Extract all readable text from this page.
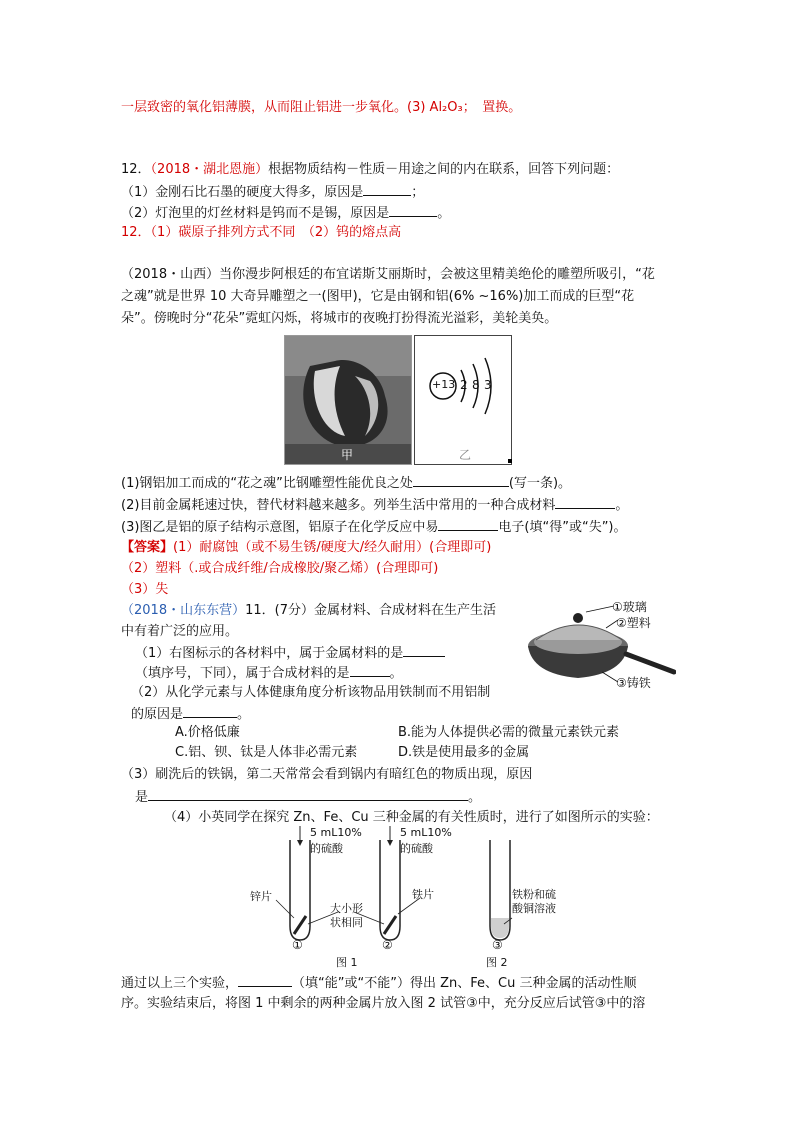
一层致密的氧化铝薄膜，从而阻止铝进一步氧化。(3) Al₂O₃；　置换。
12．（2018・湖北恩施）根据物质结构－性质－用途之间的内在联系，回答下列问题：
（1）金刚石比石墨的硬度大得多，原因是	；
（2）灯泡里的灯丝材料是钨而不是锡，原因是	。
12．（1）碳原子排列方式不同　（2）钨的熔点高
（2018・山西）当你漫步阿根廷的布宜诺斯艾丽斯时，会被这里精美绝伦的雕塑所吸引，“花
之魂”就是世界 10 大奇异雕塑之一(图甲)，它是由钢和铝(6% ~16%)加工而成的巨型“花
朵”。傍晚时分“花朵”霓虹闪烁，将城市的夜晚打扮得流光溢彩，美轮美奂。
甲
+13 2 8 3
乙
(1)钢铝加工而成的“花之魂”比钢雕塑性能优良之处	(写一条)。
(2)目前金属耗速过快，替代材料越来越多。列举生活中常用的一种合成材料	。
(3)图乙是铝的原子结构示意图，铝原子在化学反应中易	电子(填“得”或“失”)。
【答案】(1）耐腐蚀（或不易生锈/硬度大/经久耐用）(合理即可)
（2）塑料（.或合成纤维/合成橡胶/聚乙烯）(合理即可)
（3）失
（2018・山东东营）11．(7分）金属材料、合成材料在生产生活
中有着广泛的应用。
①玻璃
②塑料
③铸铁
（1）右图标示的各材料中，属于金属材料的是
（填序号，下同），属于合成材料的是	。
（2）从化学元素与人体健康角度分析该物品用铁制而不用铝制
的原因是	。
A.价格低廉	B.能为人体提供必需的微量元素铁元素
C.铝、钡、钛是人体非必需元素	D.铁是使用最多的金属
（3）刷洗后的铁锅，第二天常常会看到锅内有暗红色的物质出现，原因
是	。
（4）小英同学在探究 Zn、Fe、Cu 三种金属的有关性质时，进行了如图所示的实验：
5 mL10%
的硫酸
5 mL10%
的硫酸
锌片	铁片
大小形
状相同
铁粉和硫
酸铜溶液
①	②	③
图 1	图 2
通过以上三个实验，	（填“能”或“不能”）得出 Zn、Fe、Cu 三种金属的活动性顺
序。实验结束后，将图 1 中剩余的两种金属片放入图 2 试管③中，充分反应后试管③中的溶
